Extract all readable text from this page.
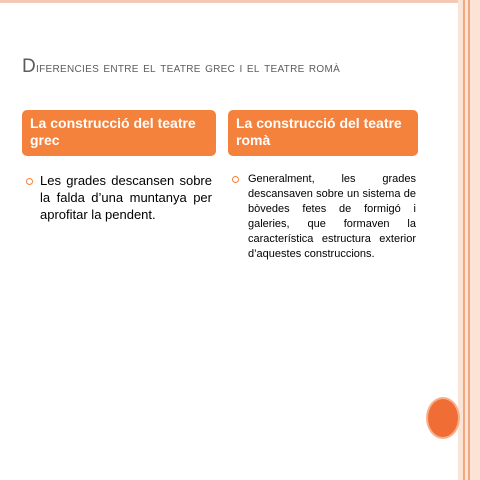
Diferencies entre el teatre grec i el teatre romà
La construcció del teatre grec
La construcció del teatre romà
Les grades descansen sobre la falda d’una muntanya per aprofitar la pendent.
Generalment, les grades descansaven sobre un sistema de bòvedes fetes de formigó i galeries, que formaven la característica estructura exterior d’aquestes construccions.
